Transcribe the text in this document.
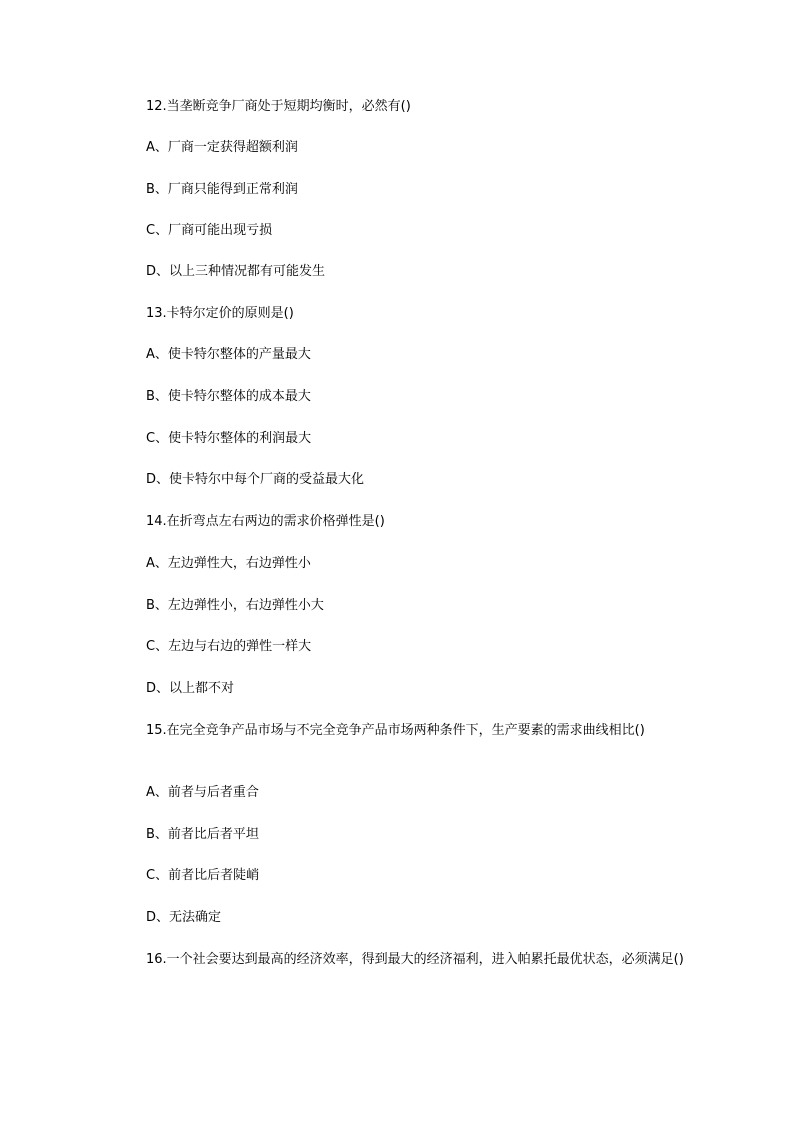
12.当垄断竞争厂商处于短期均衡时，必然有()
A、厂商一定获得超额利润
B、厂商只能得到正常利润
C、厂商可能出现亏损
D、以上三种情况都有可能发生
13.卡特尔定价的原则是()
A、使卡特尔整体的产量最大
B、使卡特尔整体的成本最大
C、使卡特尔整体的利润最大
D、使卡特尔中每个厂商的受益最大化
14.在折弯点左右两边的需求价格弹性是()
A、左边弹性大，右边弹性小
B、左边弹性小，右边弹性小大
C、左边与右边的弹性一样大
D、以上都不对
15.在完全竞争产品市场与不完全竞争产品市场两种条件下，生产要素的需求曲线相比()
A、前者与后者重合
B、前者比后者平坦
C、前者比后者陡峭
D、无法确定
16.一个社会要达到最高的经济效率，得到最大的经济福利，进入帕累托最优状态，必须满足()
